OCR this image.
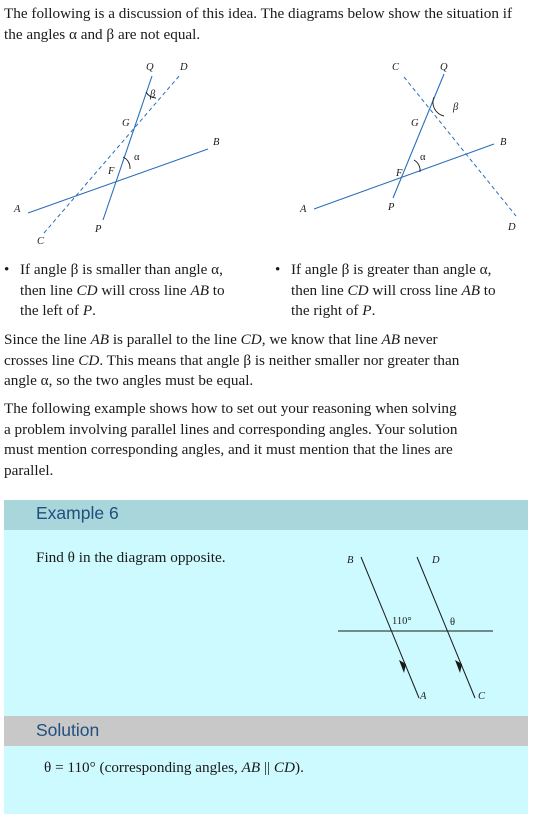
The following is a discussion of this idea. The diagrams below show the situation if the angles α and β are not equal.

Q	D
β
G
α
F
B
A
C
P
C	Q
β
G
α
F
B
A	P
D
• If angle β is smaller than angle α,
then line CD will cross line AB to
the left of P.
• If angle β is greater than angle α,
then line CD will cross line AB to
the right of P.

Since the line AB is parallel to the line CD, we know that line AB never
crosses line CD. This means that angle β is neither smaller nor greater than
angle α, so the two angles must be equal.

The following example shows how to set out your reasoning when solving
a problem involving parallel lines and corresponding angles. Your solution
must mention corresponding angles, and it must mention that the lines are
parallel.

Example 6
Find θ in the diagram opposite.	B	D
110°	θ
A	C
Solution
θ = 110° (corresponding angles, AB || CD).
